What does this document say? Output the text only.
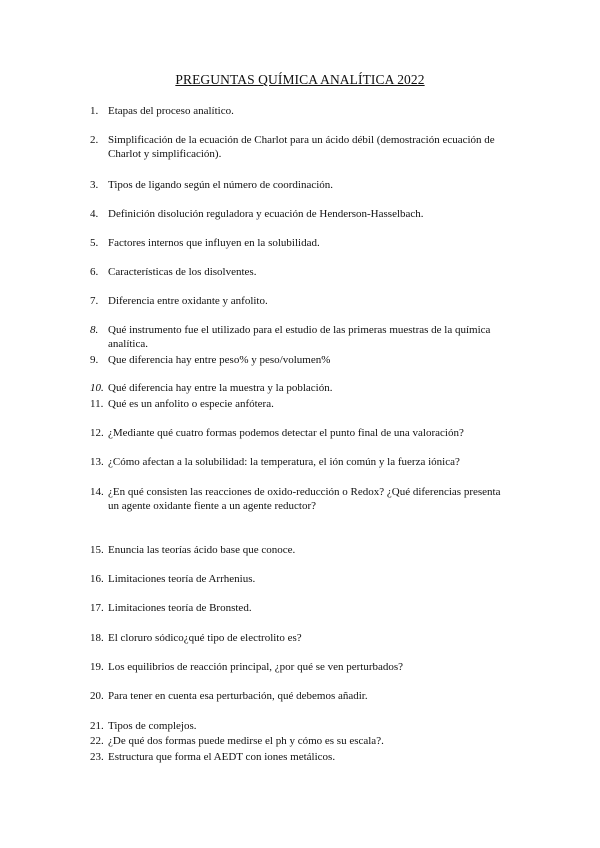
PREGUNTAS QUÍMICA ANALÍTICA 2022
1. Etapas del proceso analítico.
2. Simplificación de la ecuación de Charlot para un ácido débil (demostración ecuación de Charlot y simplificación).
3. Tipos de ligando según el número de coordinación.
4. Definición disolución reguladora y ecuación de Henderson-Hasselbach.
5. Factores internos que influyen en la solubilidad.
6. Características de los disolventes.
7. Diferencia entre oxidante y anfolito.
8. Qué instrumento fue el utilizado para el estudio de las primeras muestras de la química analítica.
9. Que diferencia hay entre peso% y peso/volumen%
10. Qué diferencia hay entre la muestra y la población.
11. Qué es un anfolito o especie anfótera.
12. ¿Mediante qué cuatro formas podemos detectar el punto final de una valoración?
13. ¿Cómo afectan a la solubilidad: la temperatura, el ión común y la fuerza iónica?
14. ¿En qué consisten las reacciones de oxido-reducción o Redox? ¿Qué diferencias presenta un agente oxidante fiente a un agente reductor?
15. Enuncia las teorías ácido base que conoce.
16. Limitaciones teoría de Arrhenius.
17. Limitaciones teoría de Bronsted.
18. El cloruro sódico¿qué tipo de electrolito es?
19. Los equilibrios de reacción principal, ¿por qué se ven perturbados?
20. Para tener en cuenta esa perturbación, qué debemos añadir.
21. Tipos de complejos.
22. ¿De qué dos formas puede medirse el ph y cómo es su escala?.
23. Estructura que forma el AEDT con iones metálicos.
